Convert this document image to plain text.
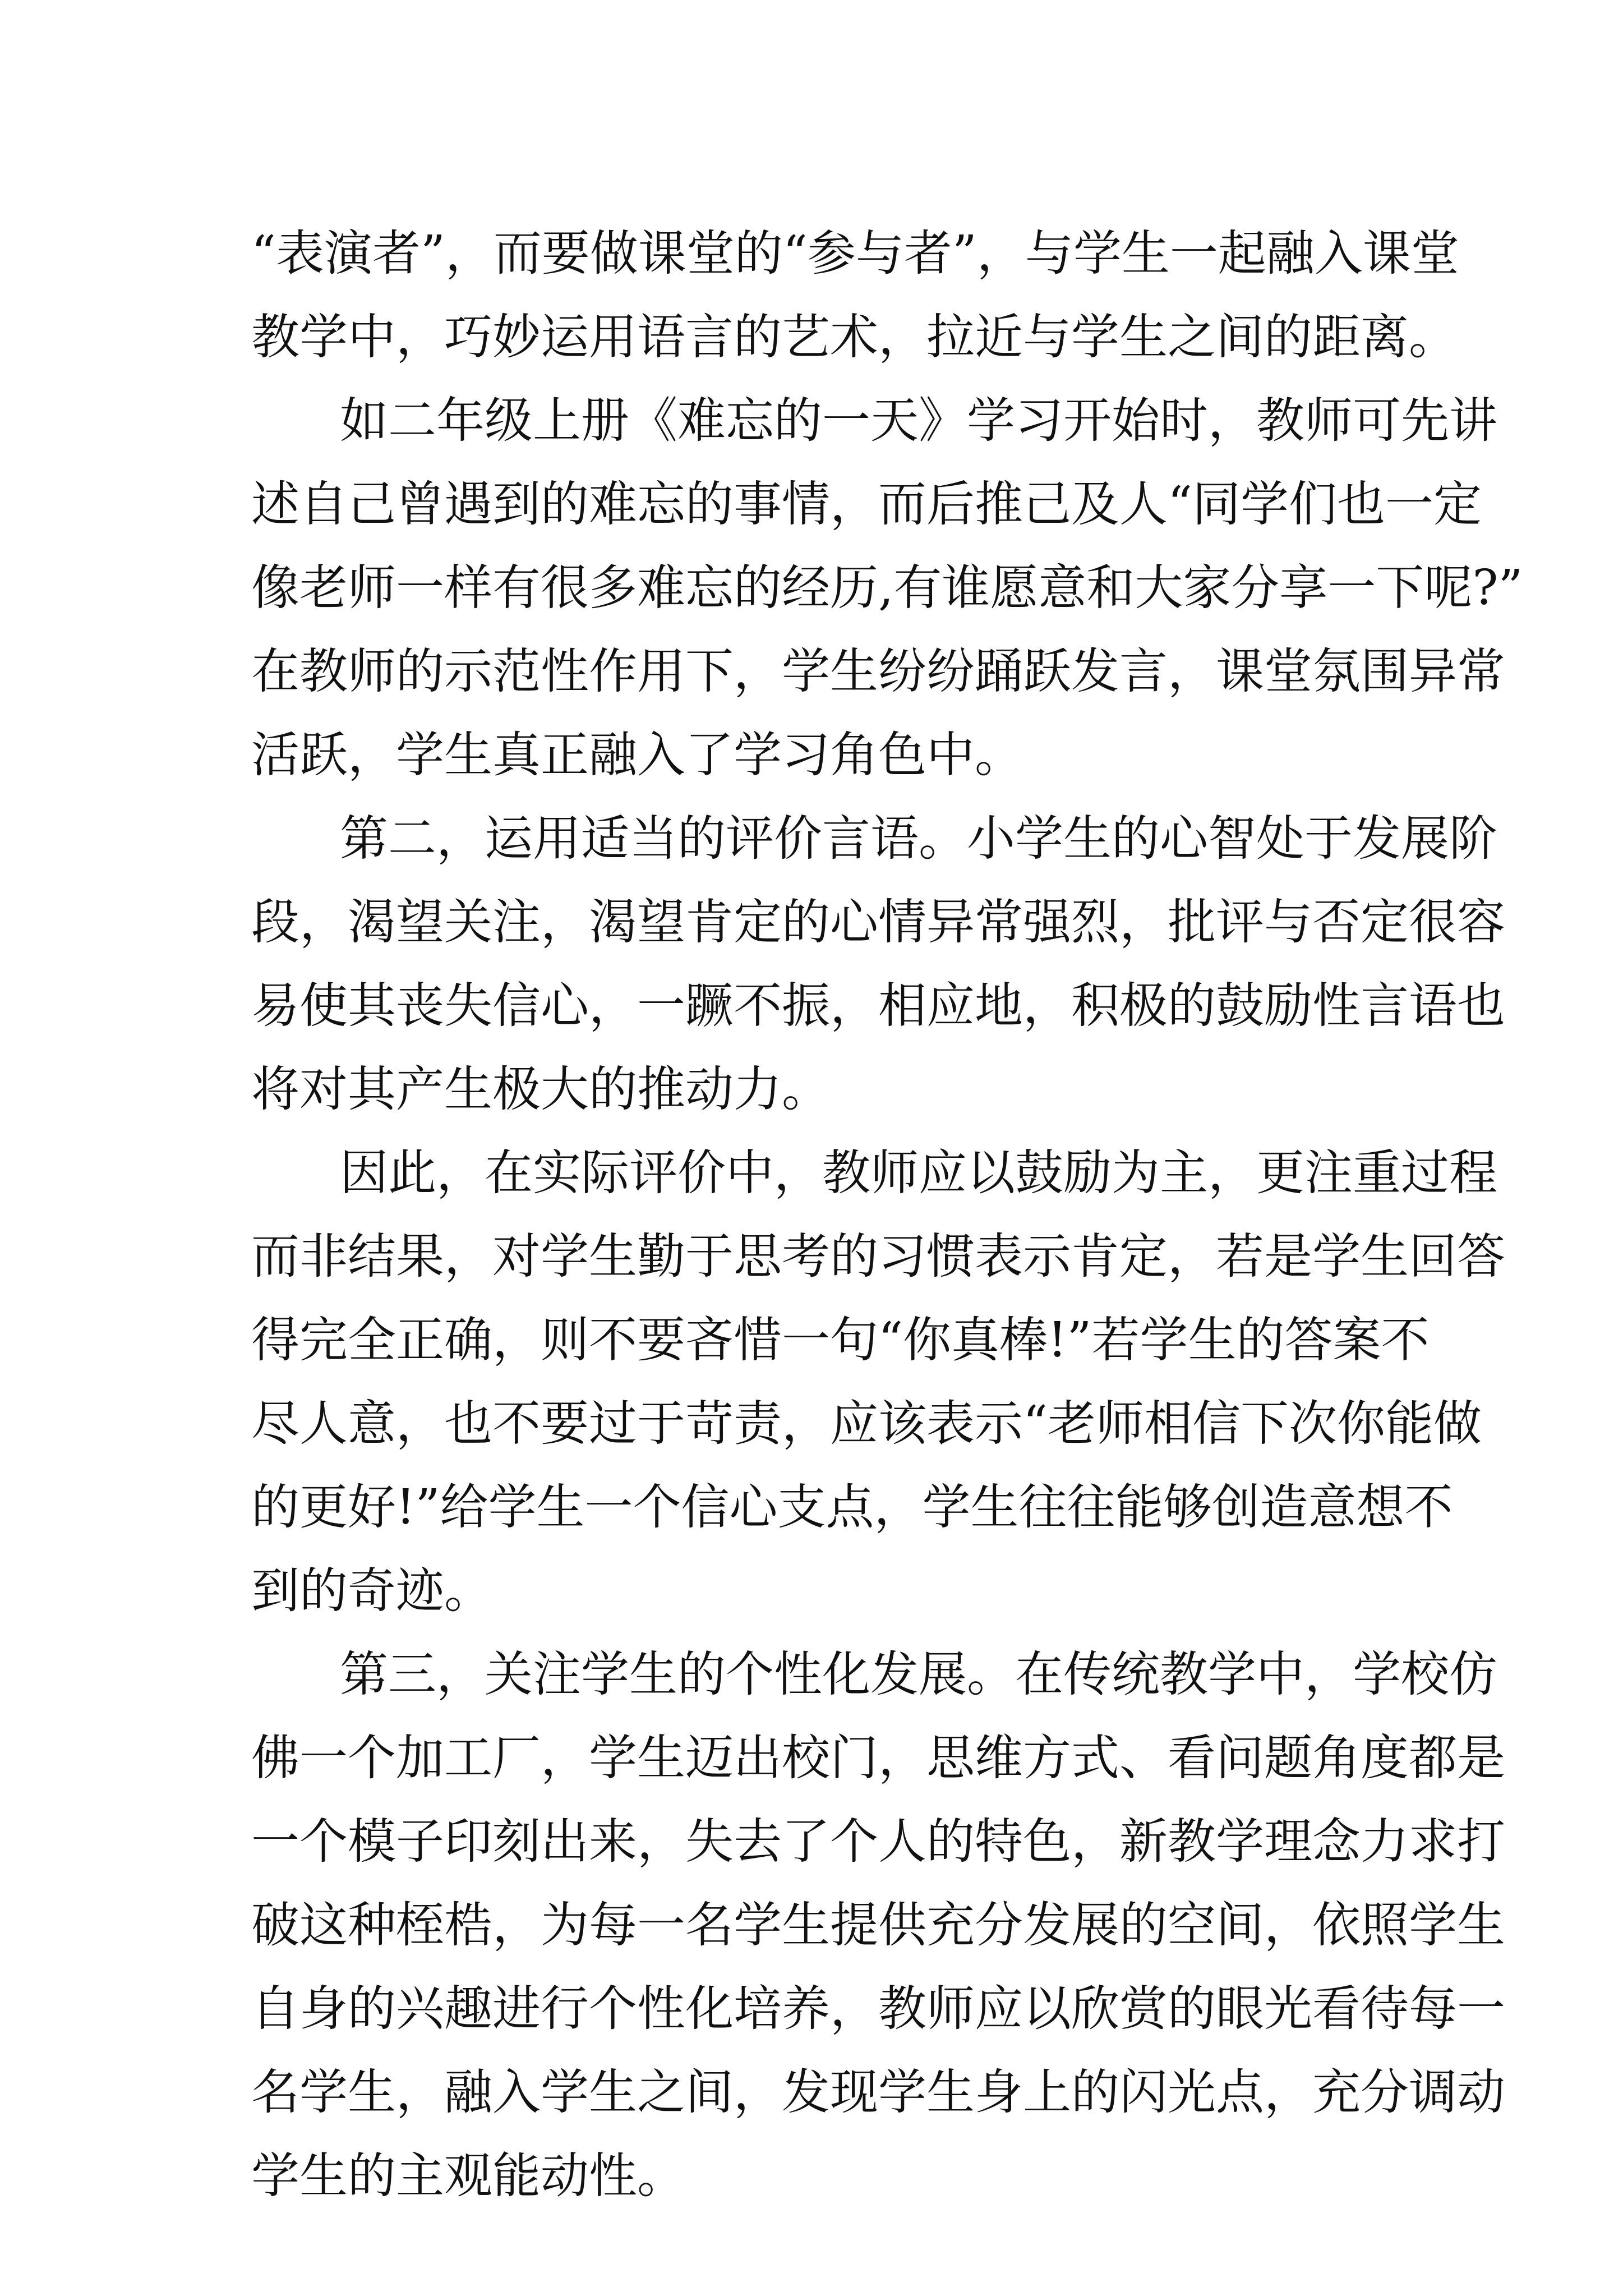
“表演者”，而要做课堂的“参与者”，与学生一起融入课堂
教学中，巧妙运用语言的艺术，拉近与学生之间的距离。
如二年级上册《难忘的一天》学习开始时，教师可先讲
述自己曾遇到的难忘的事情，而后推己及人“同学们也一定
像老师一样有很多难忘的经历,有谁愿意和大家分享一下呢?”
在教师的示范性作用下，学生纷纷踊跃发言，课堂氛围异常
活跃，学生真正融入了学习角色中。
第二，运用适当的评价言语。小学生的心智处于发展阶
段，渴望关注，渴望肯定的心情异常强烈，批评与否定很容
易使其丧失信心，一蹶不振，相应地，积极的鼓励性言语也
将对其产生极大的推动力。
因此，在实际评价中，教师应以鼓励为主，更注重过程
而非结果，对学生勤于思考的习惯表示肯定，若是学生回答
得完全正确，则不要吝惜一句“你真棒!”若学生的答案不
尽人意，也不要过于苛责，应该表示“老师相信下次你能做
的更好!”给学生一个信心支点，学生往往能够创造意想不
到的奇迹。
第三，关注学生的个性化发展。在传统教学中，学校仿
佛一个加工厂，学生迈出校门，思维方式、看问题角度都是
一个模子印刻出来，失去了个人的特色，新教学理念力求打
破这种桎梏，为每一名学生提供充分发展的空间，依照学生
自身的兴趣进行个性化培养，教师应以欣赏的眼光看待每一
名学生，融入学生之间，发现学生身上的闪光点，充分调动
学生的主观能动性。
